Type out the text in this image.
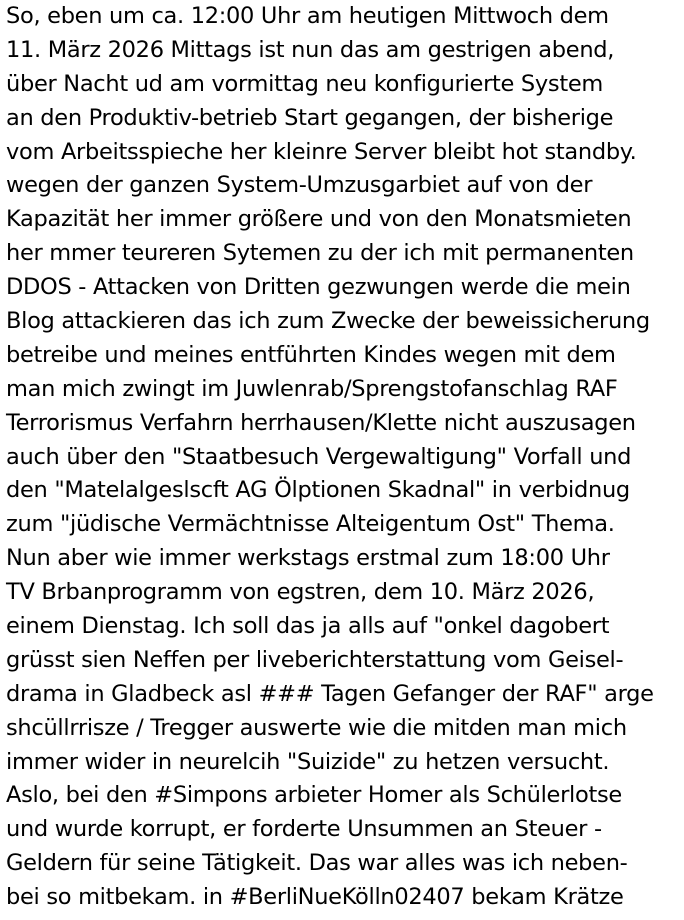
So, eben um ca. 12:00 Uhr am heutigen Mittwoch dem
11. März 2026 Mittags ist nun das am gestrigen abend,
über Nacht ud am vormittag neu konfigurierte System
an den Produktiv-betrieb Start gegangen, der bisherige
vom Arbeitsspieche her kleinre Server bleibt hot standby.
wegen der ganzen System-Umzusgarbiet auf von der
Kapazität her immer größere und von den Monatsmieten
her mmer teureren Sytemen zu der ich mit permanenten
DDOS - Attacken von Dritten gezwungen werde die mein
Blog attackieren das ich zum Zwecke der beweissicherung
betreibe und meines entführten Kindes wegen mit dem
man mich zwingt im Juwlenrab/Sprengstofanschlag RAF
Terrorismus Verfahrn herrhausen/Klette nicht auszusagen
auch über den "Staatbesuch Vergewaltigung" Vorfall und
den "Matelalgeslscft AG Ölptionen Skadnal" in verbidnug
zum "jüdische Vermächtnisse Alteigentum Ost" Thema.
Nun aber wie immer werkstags erstmal zum 18:00 Uhr
TV Brbanprogramm von egstren, dem 10. März 2026,
einem Dienstag. Ich soll das ja alls auf "onkel dagobert
grüsst sien Neffen per liveberichterstattung vom Geisel-
drama in Gladbeck asl ### Tagen Gefanger der RAF" arge
shcüllrrisze / Tregger auswerte wie die mitden man mich
immer wider in neurelcih "Suizide" zu hetzen versucht.
Aslo, bei den #Simpons arbieter Homer als Schülerlotse
und wurde korrupt, er forderte Unsummen an Steuer -
Geldern für seine Tätigkeit. Das war alles was ich neben-
bei so mitbekam. in #BerliNueKölln02407 bekam Krätze
